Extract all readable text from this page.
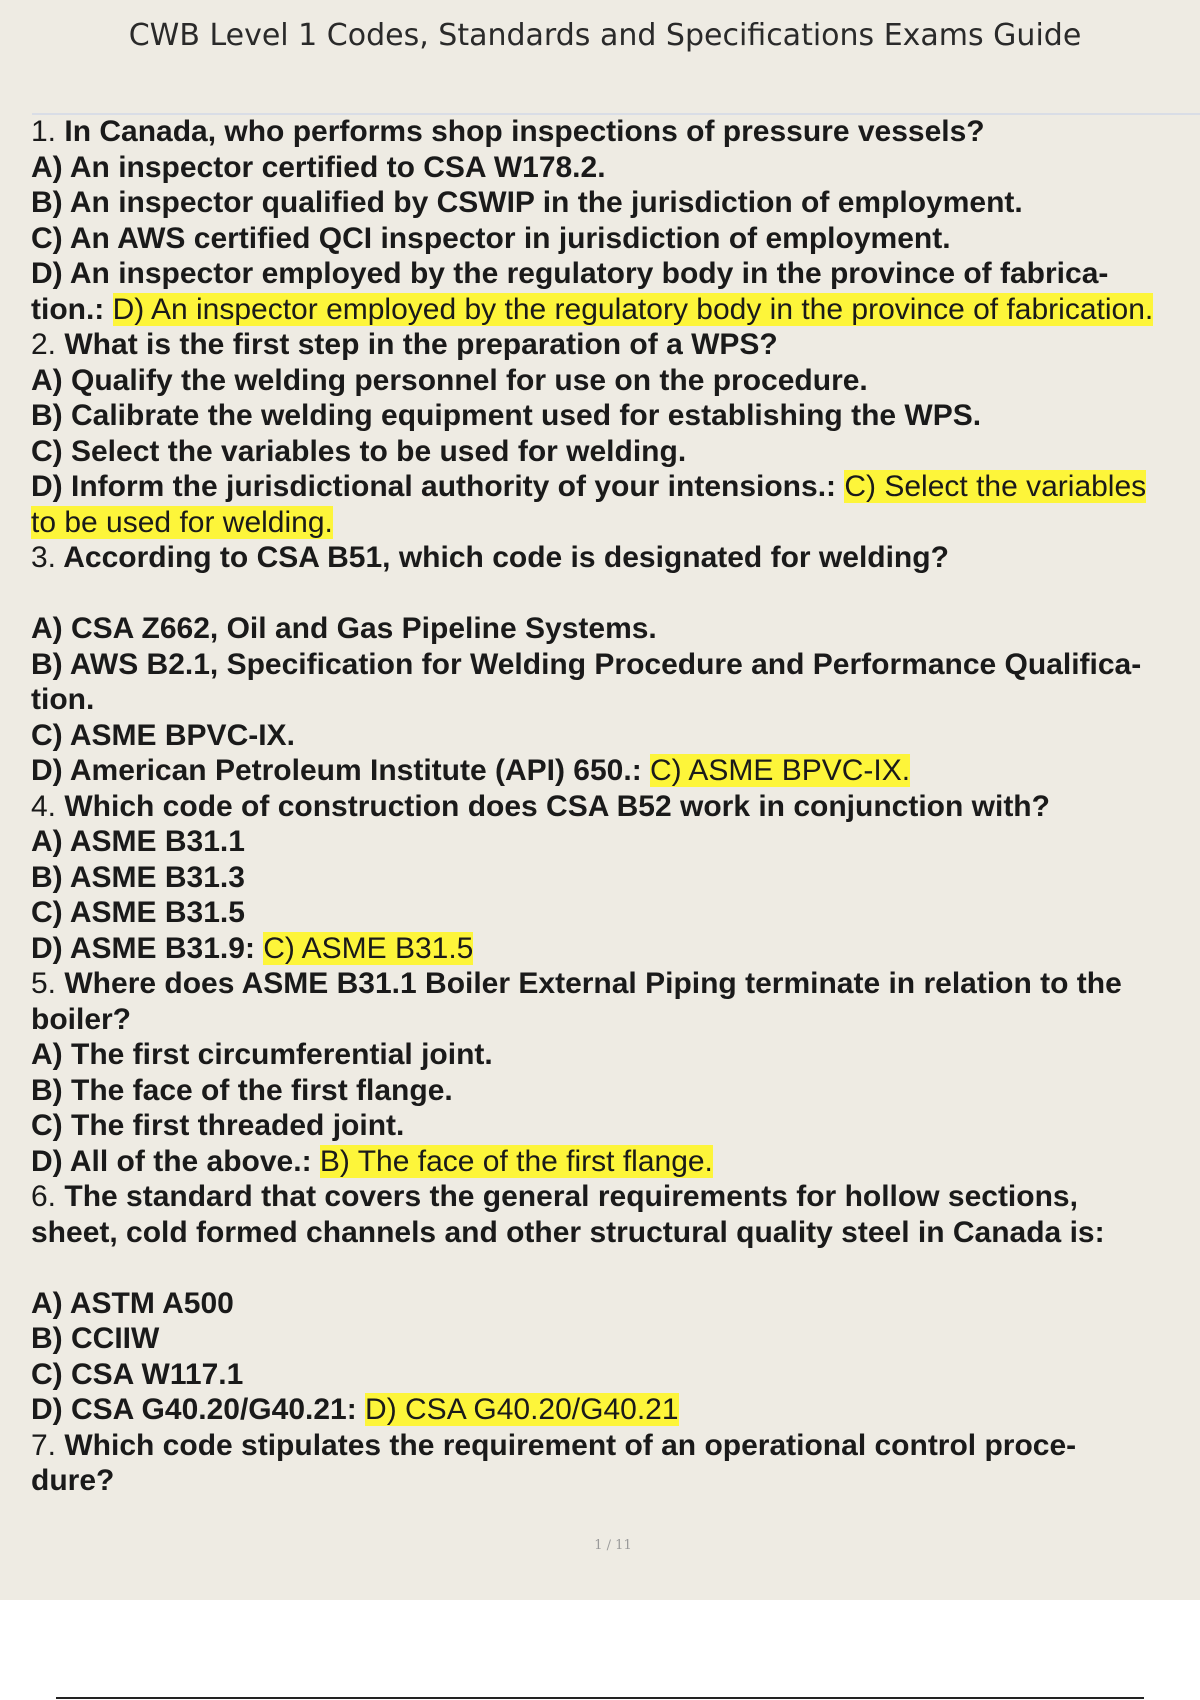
CWB Level 1 Codes, Standards and Specifications Exams Guide
1. In Canada, who performs shop inspections of pressure vessels?
A) An inspector certified to CSA W178.2.
B) An inspector qualified by CSWIP in the jurisdiction of employment.
C) An AWS certified QCI inspector in jurisdiction of employment.
D) An inspector employed by the regulatory body in the province of fabrica-
tion.: D) An inspector employed by the regulatory body in the province of fabrication.
2. What is the first step in the preparation of a WPS?
A) Qualify the welding personnel for use on the procedure.
B) Calibrate the welding equipment used for establishing the WPS.
C) Select the variables to be used for welding.
D) Inform the jurisdictional authority of your intensions.: C) Select the variables
to be used for welding.
3. According to CSA B51, which code is designated for welding?
A) CSA Z662, Oil and Gas Pipeline Systems.
B) AWS B2.1, Specification for Welding Procedure and Performance Qualifica-
tion.
C) ASME BPVC-IX.
D) American Petroleum Institute (API) 650.: C) ASME BPVC-IX.
4. Which code of construction does CSA B52 work in conjunction with?
A) ASME B31.1
B) ASME B31.3
C) ASME B31.5
D) ASME B31.9: C) ASME B31.5
5. Where does ASME B31.1 Boiler External Piping terminate in relation to the
boiler?
A) The first circumferential joint.
B) The face of the first flange.
C) The first threaded joint.
D) All of the above.: B) The face of the first flange.
6. The standard that covers the general requirements for hollow sections,
sheet, cold formed channels and other structural quality steel in Canada is:
A) ASTM A500
B) CCIIW
C) CSA W117.1
D) CSA G40.20/G40.21: D) CSA G40.20/G40.21
7. Which code stipulates the requirement of an operational control proce-
dure?
1 / 11
